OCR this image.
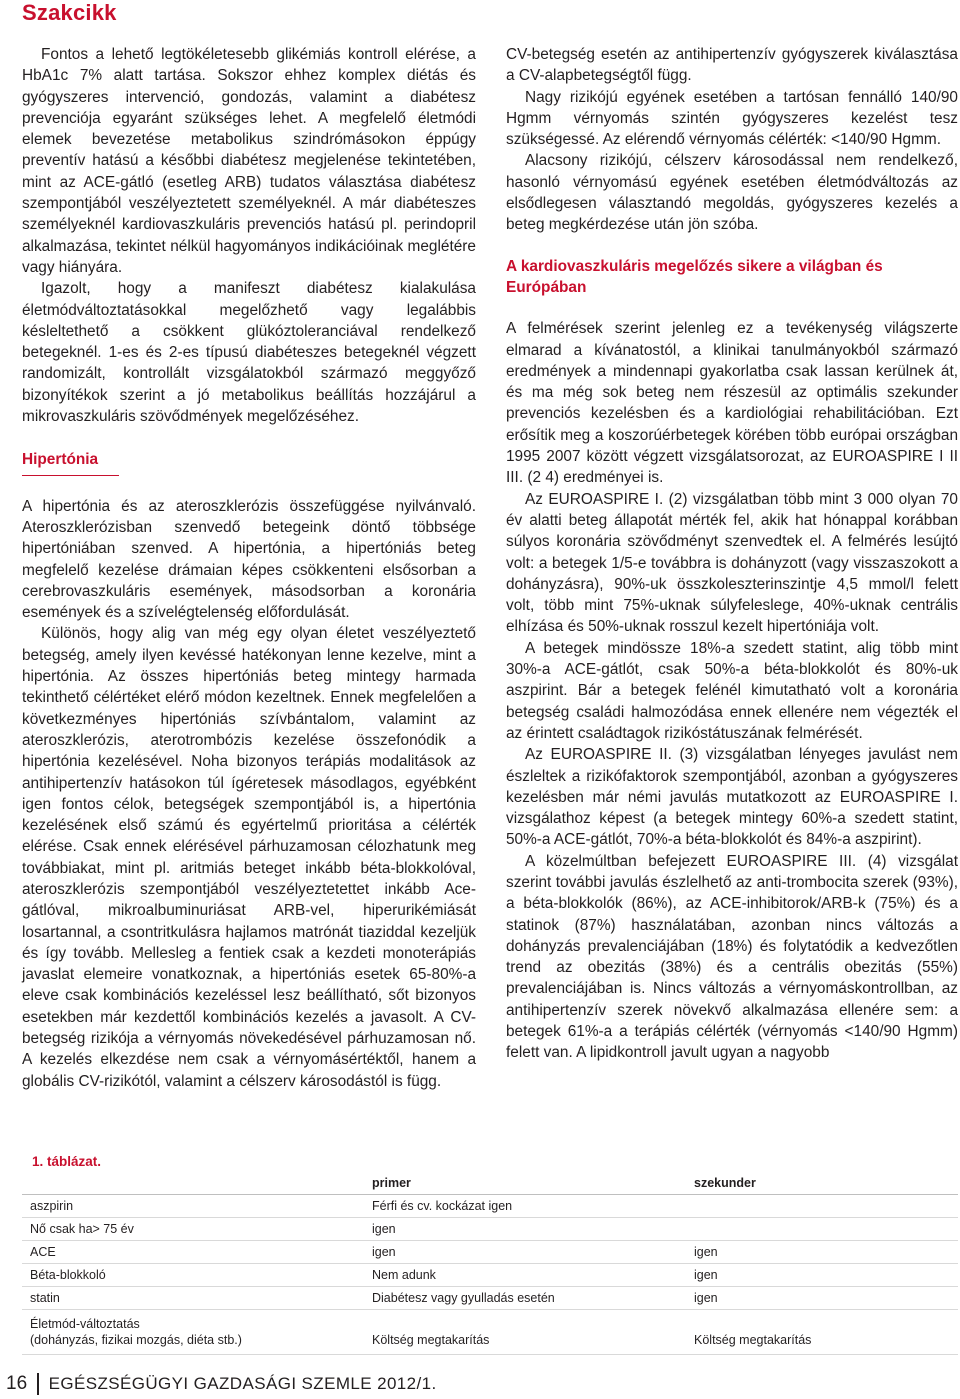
Szakcikk

Fontos a lehető legtökéletesebb glikémiás kontroll elérése, a HbA1c 7% alatt tartása. Sokszor ehhez komplex diétás és gyógyszeres intervenció, gondozás, valamint a diabétesz prevenciója egyaránt szükséges lehet. A megfelelő életmódi elemek bevezetése metabolikus szindrómásokon éppúgy preventív hatású a későbbi diabétesz megjelenése tekintetében, mint az ACE-gátló (esetleg ARB) tudatos választása diabétesz szempontjából veszélyeztetett személyeknél. A már diabéteszes személyeknél kardiovaszkuláris prevenciós hatású pl. perindopril alkalmazása, tekintet nélkül hagyományos indikációinak meglétére vagy hiányára.

Igazolt, hogy a manifeszt diabétesz kialakulása életmódváltoztatásokkal megelőzhető vagy legalábbis késleltethető a csökkent glükóztoleranciával rendelkező betegeknél. 1-es és 2-es típusú diabéteszes betegeknél végzett randomizált, kontrollált vizsgálatokból származó meggyőző bizonyítékok szerint a jó metabolikus beállítás hozzájárul a mikrovaszkuláris szövődmények megelőzéséhez.

Hipertónia

A hipertónia és az ateroszklerózis összefüggése nyilvánvaló. Ateroszklerózisban szenvedő betegeink döntő többsége hipertóniában szenved. A hipertónia, a hipertóniás beteg megfelelő kezelése drámaian képes csökkenteni elsősorban a cerebrovaszkuláris események, másodsorban a koronária események és a szívelégtelenség előfordulását.

Különös, hogy alig van még egy olyan életet veszélyeztető betegség, amely ilyen kevéssé hatékonyan lenne kezelve, mint a hipertónia. Az összes hipertóniás beteg mintegy harmada tekinthető célértéket elérő módon kezeltnek. Ennek megfelelően a következményes hipertóniás szívbántalom, valamint az ateroszklerózis, aterotrombózis kezelése összefonódik a hipertónia kezelésével. Noha bizonyos terápiás modalitások az antihipertenzív hatásokon túl ígéretesek másodlagos, egyébként igen fontos célok, betegségek szempontjából is, a hipertónia kezelésének első számú és egyértelmű prioritása a célérték elérése. Csak ennek elérésével párhuzamosan célozhatunk meg továbbiakat, mint pl. aritmiás beteget inkább béta-blokkolóval, ateroszklerózis szempontjából veszélyeztetettet inkább Ace-gátlóval, mikroalbuminuriásat ARB-vel, hiperurikémiását losartannal, a csontritkulásra hajlamos matrónát tiaziddal kezeljük és így tovább. Mellesleg a fentiek csak a kezdeti monoterápiás javaslat elemeire vonatkoznak, a hipertóniás esetek 65-80%-a eleve csak kombinációs kezeléssel lesz beállítható, sőt bizonyos esetekben már kezdettől kombinációs kezelés a javasolt. A CV-betegség rizikója a vérnyomás növekedésével párhuzamosan nő. A kezelés elkezdése nem csak a vérnyomásértéktől, hanem a globális CV-rizikótól, valamint a célszerv károsodástól is függ.

CV-betegség esetén az antihipertenzív gyógyszerek kiválasztása a CV-alapbetegségtől függ.

Nagy rizikójú egyének esetében a tartósan fennálló 140/90 Hgmm vérnyomás szintén gyógyszeres kezelést tesz szükségessé. Az elérendő vérnyomás célérték: <140/90 Hgmm.

Alacsony rizikójú, célszerv károsodással nem rendelkező, hasonló vérnyomású egyének esetében életmódváltozás az elsődlegesen választandó megoldás, gyógyszeres kezelés a beteg megkérdezése után jön szóba.

A kardiovaszkuláris megelőzés sikere a világban és Európában

A felmérések szerint jelenleg ez a tevékenység világszerte elmarad a kívánatostól, a klinikai tanulmányokból származó eredmények a mindennapi gyakorlatba csak lassan kerülnek át, és ma még sok beteg nem részesül az optimális szekunder prevenciós kezelésben és a kardiológiai rehabilitációban. Ezt erősítik meg a koszorúérbetegek körében több európai országban 1995 2007 között végzett vizsgálatsorozat, az EUROASPIRE I II III. (2 4) eredményei is.

Az EUROASPIRE I. (2) vizsgálatban több mint 3 000 olyan 70 év alatti beteg állapotát mérték fel, akik hat hónappal korábban súlyos koronária szövődményt szenvedtek el. A felmérés lesújtó volt: a betegek 1/5-e továbbra is dohányzott (vagy visszaszokott a dohányzásra), 90%-uk összkoleszterinszintje 4,5 mmol/l felett volt, több mint 75%-uknak súlyfeleslege, 40%-uknak centrális elhízása és 50%-uknak rosszul kezelt hipertóniája volt.

A betegek mindössze 18%-a szedett statint, alig több mint 30%-a ACE-gátlót, csak 50%-a béta-blokkolót és 80%-uk aszpirint. Bár a betegek felénél kimutatható volt a koronária betegség családi halmozódása ennek ellenére nem végezték el az érintett családtagok rizikóstátuszának felmérését.

Az EUROASPIRE II. (3) vizsgálatban lényeges javulást nem észleltek a rizikófaktorok szempontjából, azonban a gyógyszeres kezelésben már némi javulás mutatkozott az EUROASPIRE I. vizsgálathoz képest (a betegek mintegy 60%-a szedett statint, 50%-a ACE-gátlót, 70%-a béta-blokkolót és 84%-a aszpirint).

A közelmúltban befejezett EUROASPIRE III. (4) vizsgálat szerint további javulás észlelhető az anti-trombocita szerek (93%), a béta-blokkolók (86%), az ACE-inhibitorok/ARB-k (75%) és a statinok (87%) használatában, azonban nincs változás a dohányzás prevalenciájában (18%) és folytatódik a kedvezőtlen trend az obezitás (38%) és a centrális obezitás (55%) prevalenciájában is. Nincs változás a vérnyomáskontrollban, az antihipertenzív szerek növekvő alkalmazása ellenére sem: a betegek 61%-a a terápiás célérték (vérnyomás <140/90 Hgmm) felett van. A lipidkontroll javult ugyan a nagyobb

1. táblázat.
	primer	szekunder
aszpirin	Férfi és cv. kockázat igen	
Nő csak ha> 75 év	igen	
ACE	igen	igen
Béta-blokkoló	Nem adunk	igen
statin	Diabétesz vagy gyulladás esetén	igen

Életmód-változtatás
(dohányzás, fizikai mozgás, diéta stb.)	Költség megtakarítás	Költség megtakarítás
16	EGÉSZSÉGÜGYI GAZDASÁGI SZEMLE 2012/1.
